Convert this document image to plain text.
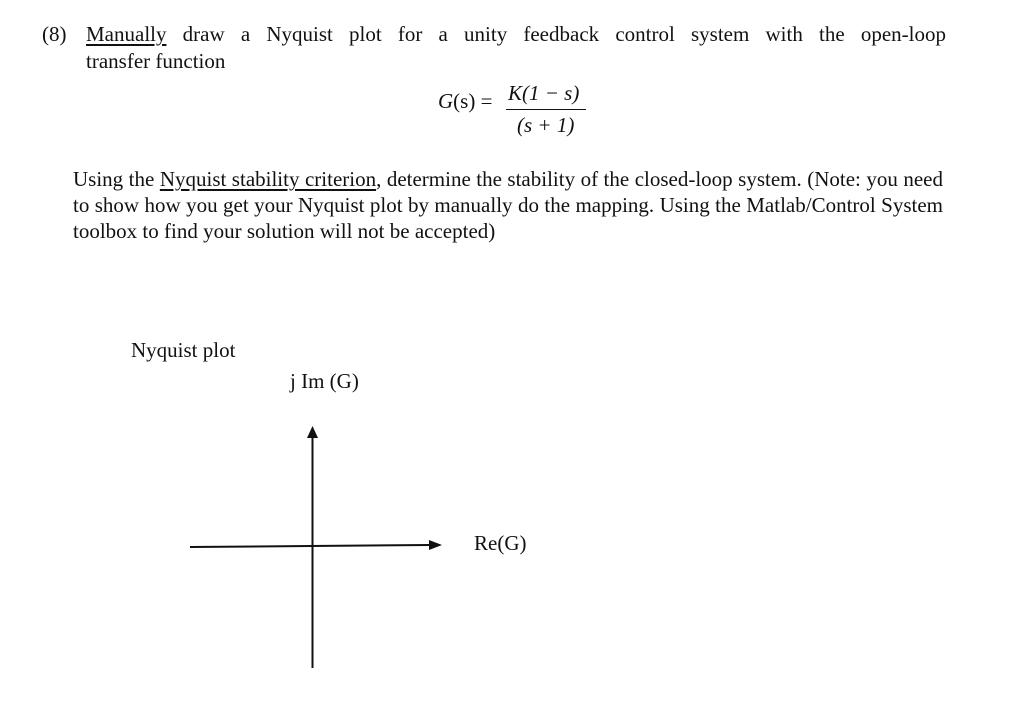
(8) Manually draw a Nyquist plot for a unity feedback control system with the open-loop
transfer function
G(s) = K(1 − s)
(s + 1)
Using the Nyquist stability criterion, determine the stability of the closed-loop system. (Note: you need to show how you get your Nyquist plot by manually do the mapping. Using the Matlab/Control System toolbox to find your solution will not be accepted)
Nyquist plot
j Im (G)
Re(G)
